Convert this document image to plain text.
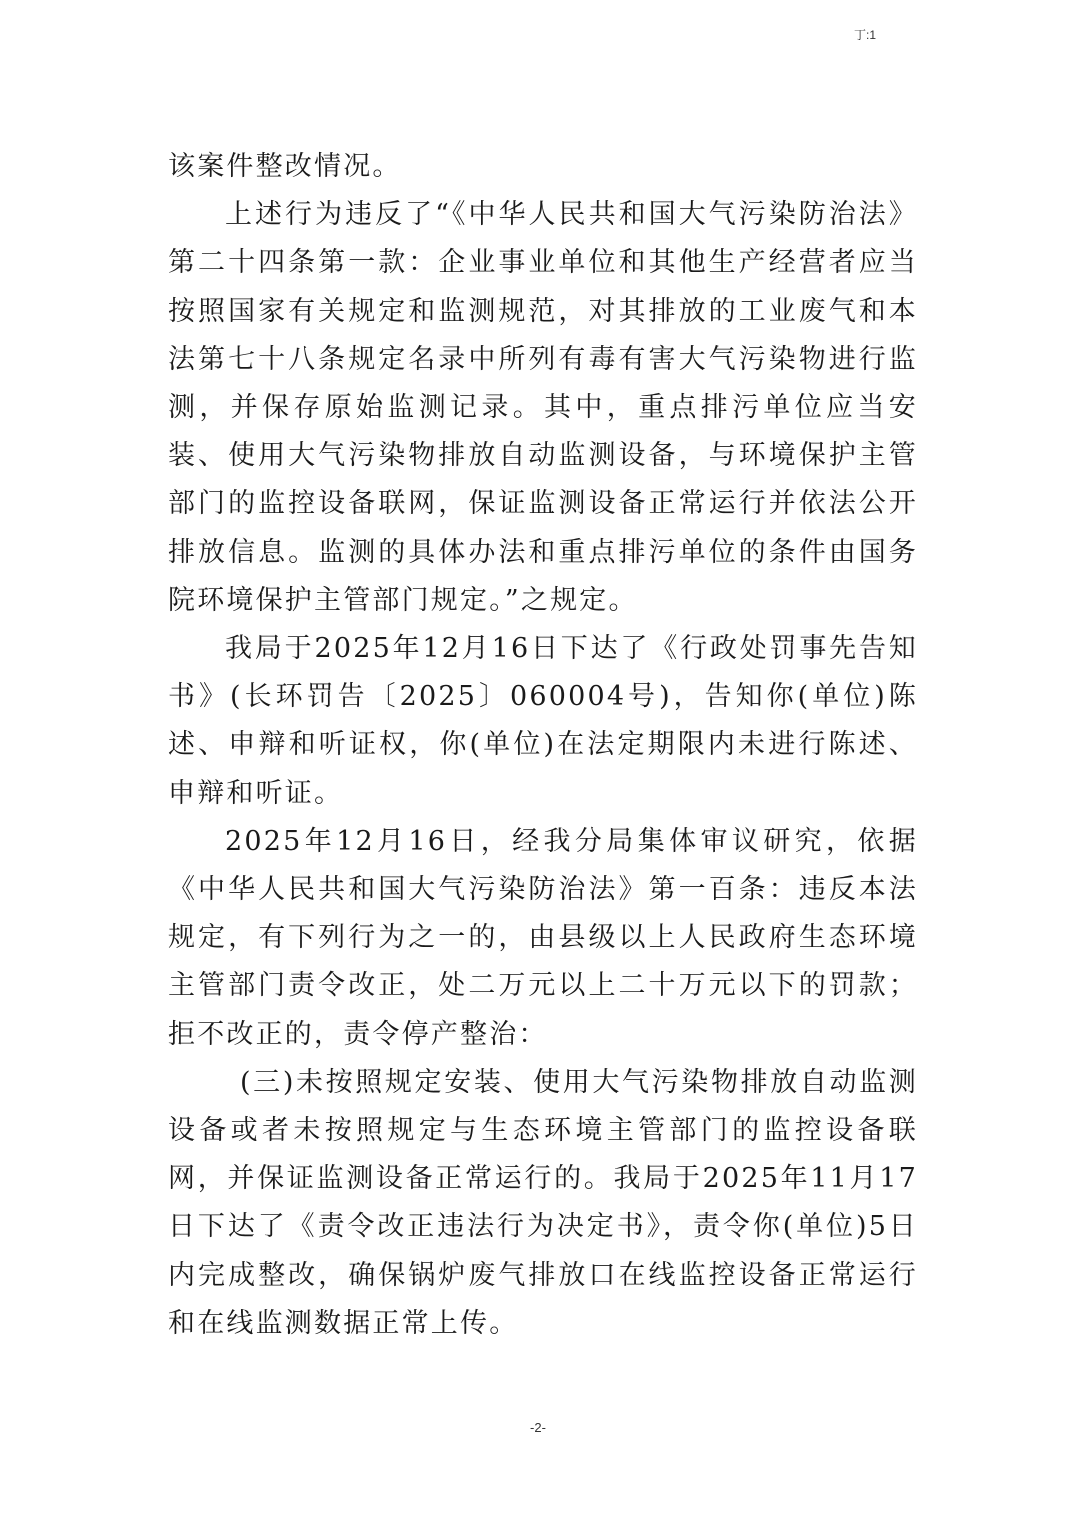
丁:1

该案件整改情况。

上述行为违反了“《中华人民共和国大气污染防治法》第二十四条第一款：企业事业单位和其他生产经营者应当按照国家有关规定和监测规范，对其排放的工业废气和本法第七十八条规定名录中所列有毒有害大气污染物进行监测，并保存原始监测记录。其中，重点排污单位应当安装、使用大气污染物排放自动监测设备，与环境保护主管部门的监控设备联网，保证监测设备正常运行并依法公开排放信息。监测的具体办法和重点排污单位的条件由国务院环境保护主管部门规定。”之规定。

我局于2025年12月16日下达了《行政处罚事先告知书》(长环罚告〔2025〕060004号)，告知你(单位)陈述、申辩和听证权，你(单位)在法定期限内未进行陈述、申辩和听证。

2025年12月16日，经我分局集体审议研究，依据《中华人民共和国大气污染防治法》第一百条：违反本法规定，有下列行为之一的，由县级以上人民政府生态环境主管部门责令改正，处二万元以上二十万元以下的罚款；拒不改正的，责令停产整治：

(三)未按照规定安装、使用大气污染物排放自动监测设备或者未按照规定与生态环境主管部门的监控设备联网，并保证监测设备正常运行的。我局于2025年11月17日下达了《责令改正违法行为决定书》，责令你(单位)5日内完成整改，确保锅炉废气排放口在线监控设备正常运行和在线监测数据正常上传。

-2-
